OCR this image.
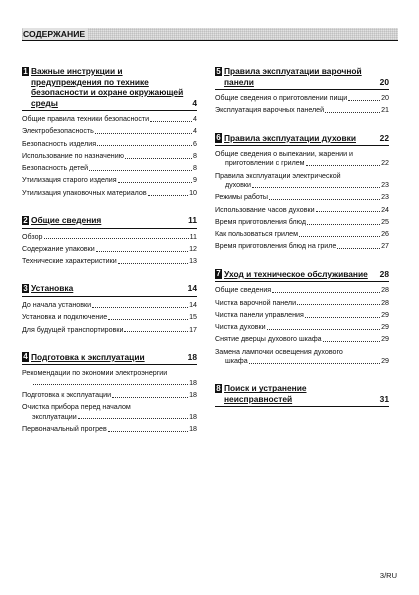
СОДЕРЖАНИЕ
1 Важные инструкции и предупреждения по технике безопасности и охране окружающей среды	4
Общие правила техники безопасности	4
Электробезопасность	4
Безопасность изделия	6
Использование по назначению	8
Безопасность детей	8
Утилизация старого изделия	9
Утилизация упаковочных материалов	10
2 Общие сведения	11
Обзор	11
Содержание упаковки	12
Технические характеристики	13
3 Установка	14
До начала установки	14
Установка и подключение	15
Для будущей транспортировки	17
4 Подготовка к эксплуатации	18
Рекомендации по экономии электроэнергии
18
Подготовка к эксплуатации	18
Очистка прибора перед началом
эксплуатации	18
Первоначальный прогрев	18
5 Правила эксплуатации варочной панели	20
Общие сведения о приготовлении пищи	20
Эксплуатация варочных панелей	21
6 Правила эксплуатации духовки	22
Общие сведения о выпекании, жарении и
приготовлении с грилем	22
Правила эксплуатации электрической
духовки	23
Режимы работы	23
Использование часов духовки	24
Время приготовления блюд	25
Как пользоваться грилем	26
Время приготовления блюд на гриле	27
7 Уход и техническое обслуживание	28
Общие сведения	28
Чистка варочной панели	28
Чистка панели управления	29
Чистка духовки	29
Снятие дверцы духового шкафа	29
Замена лампочки освещения духового
шкафа	29
8 Поиск и устранение неисправностей	31
3/RU
